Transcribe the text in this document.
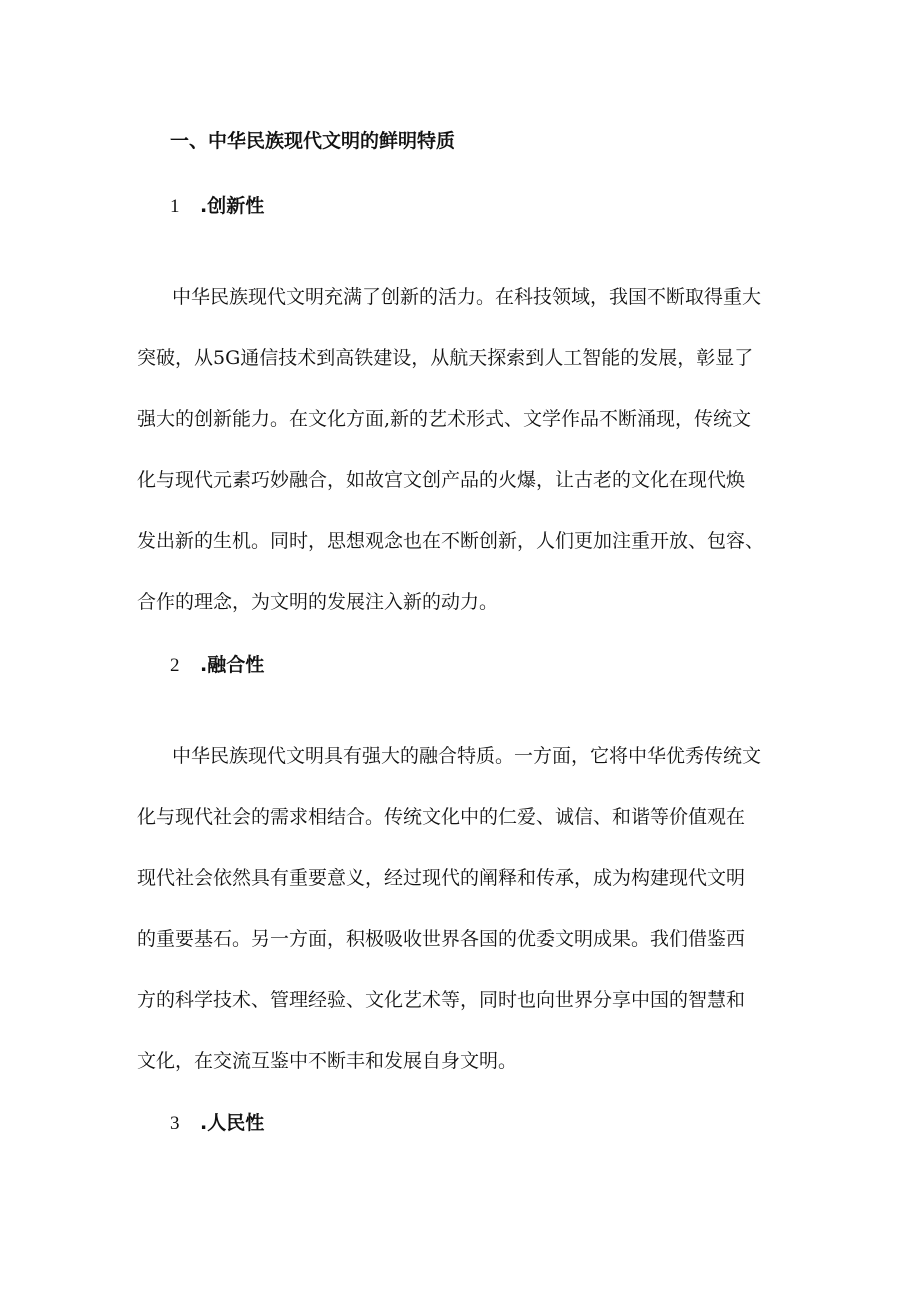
一、中华民族现代文明的鲜明特质
1 .创新性
中华民族现代文明充满了创新的活力。在科技领域，我国不断取得重大
突破，从5G通信技术到高铁建设，从航天探索到人工智能的发展，彰显了
强大的创新能力。在文化方面,新的艺术形式、文学作品不断涌现，传统文
化与现代元素巧妙融合，如故宫文创产品的火爆，让古老的文化在现代焕
发出新的生机。同时，思想观念也在不断创新，人们更加注重开放、包容、
合作的理念，为文明的发展注入新的动力。
2 .融合性
中华民族现代文明具有强大的融合特质。一方面，它将中华优秀传统文
化与现代社会的需求相结合。传统文化中的仁爱、诚信、和谐等价值观在
现代社会依然具有重要意义，经过现代的阐释和传承，成为构建现代文明
的重要基石。另一方面，积极吸收世界各国的优委文明成果。我们借鉴西
方的科学技术、管理经验、文化艺术等，同时也向世界分享中国的智慧和
文化，在交流互鉴中不断丰和发展自身文明。
3 .人民性
